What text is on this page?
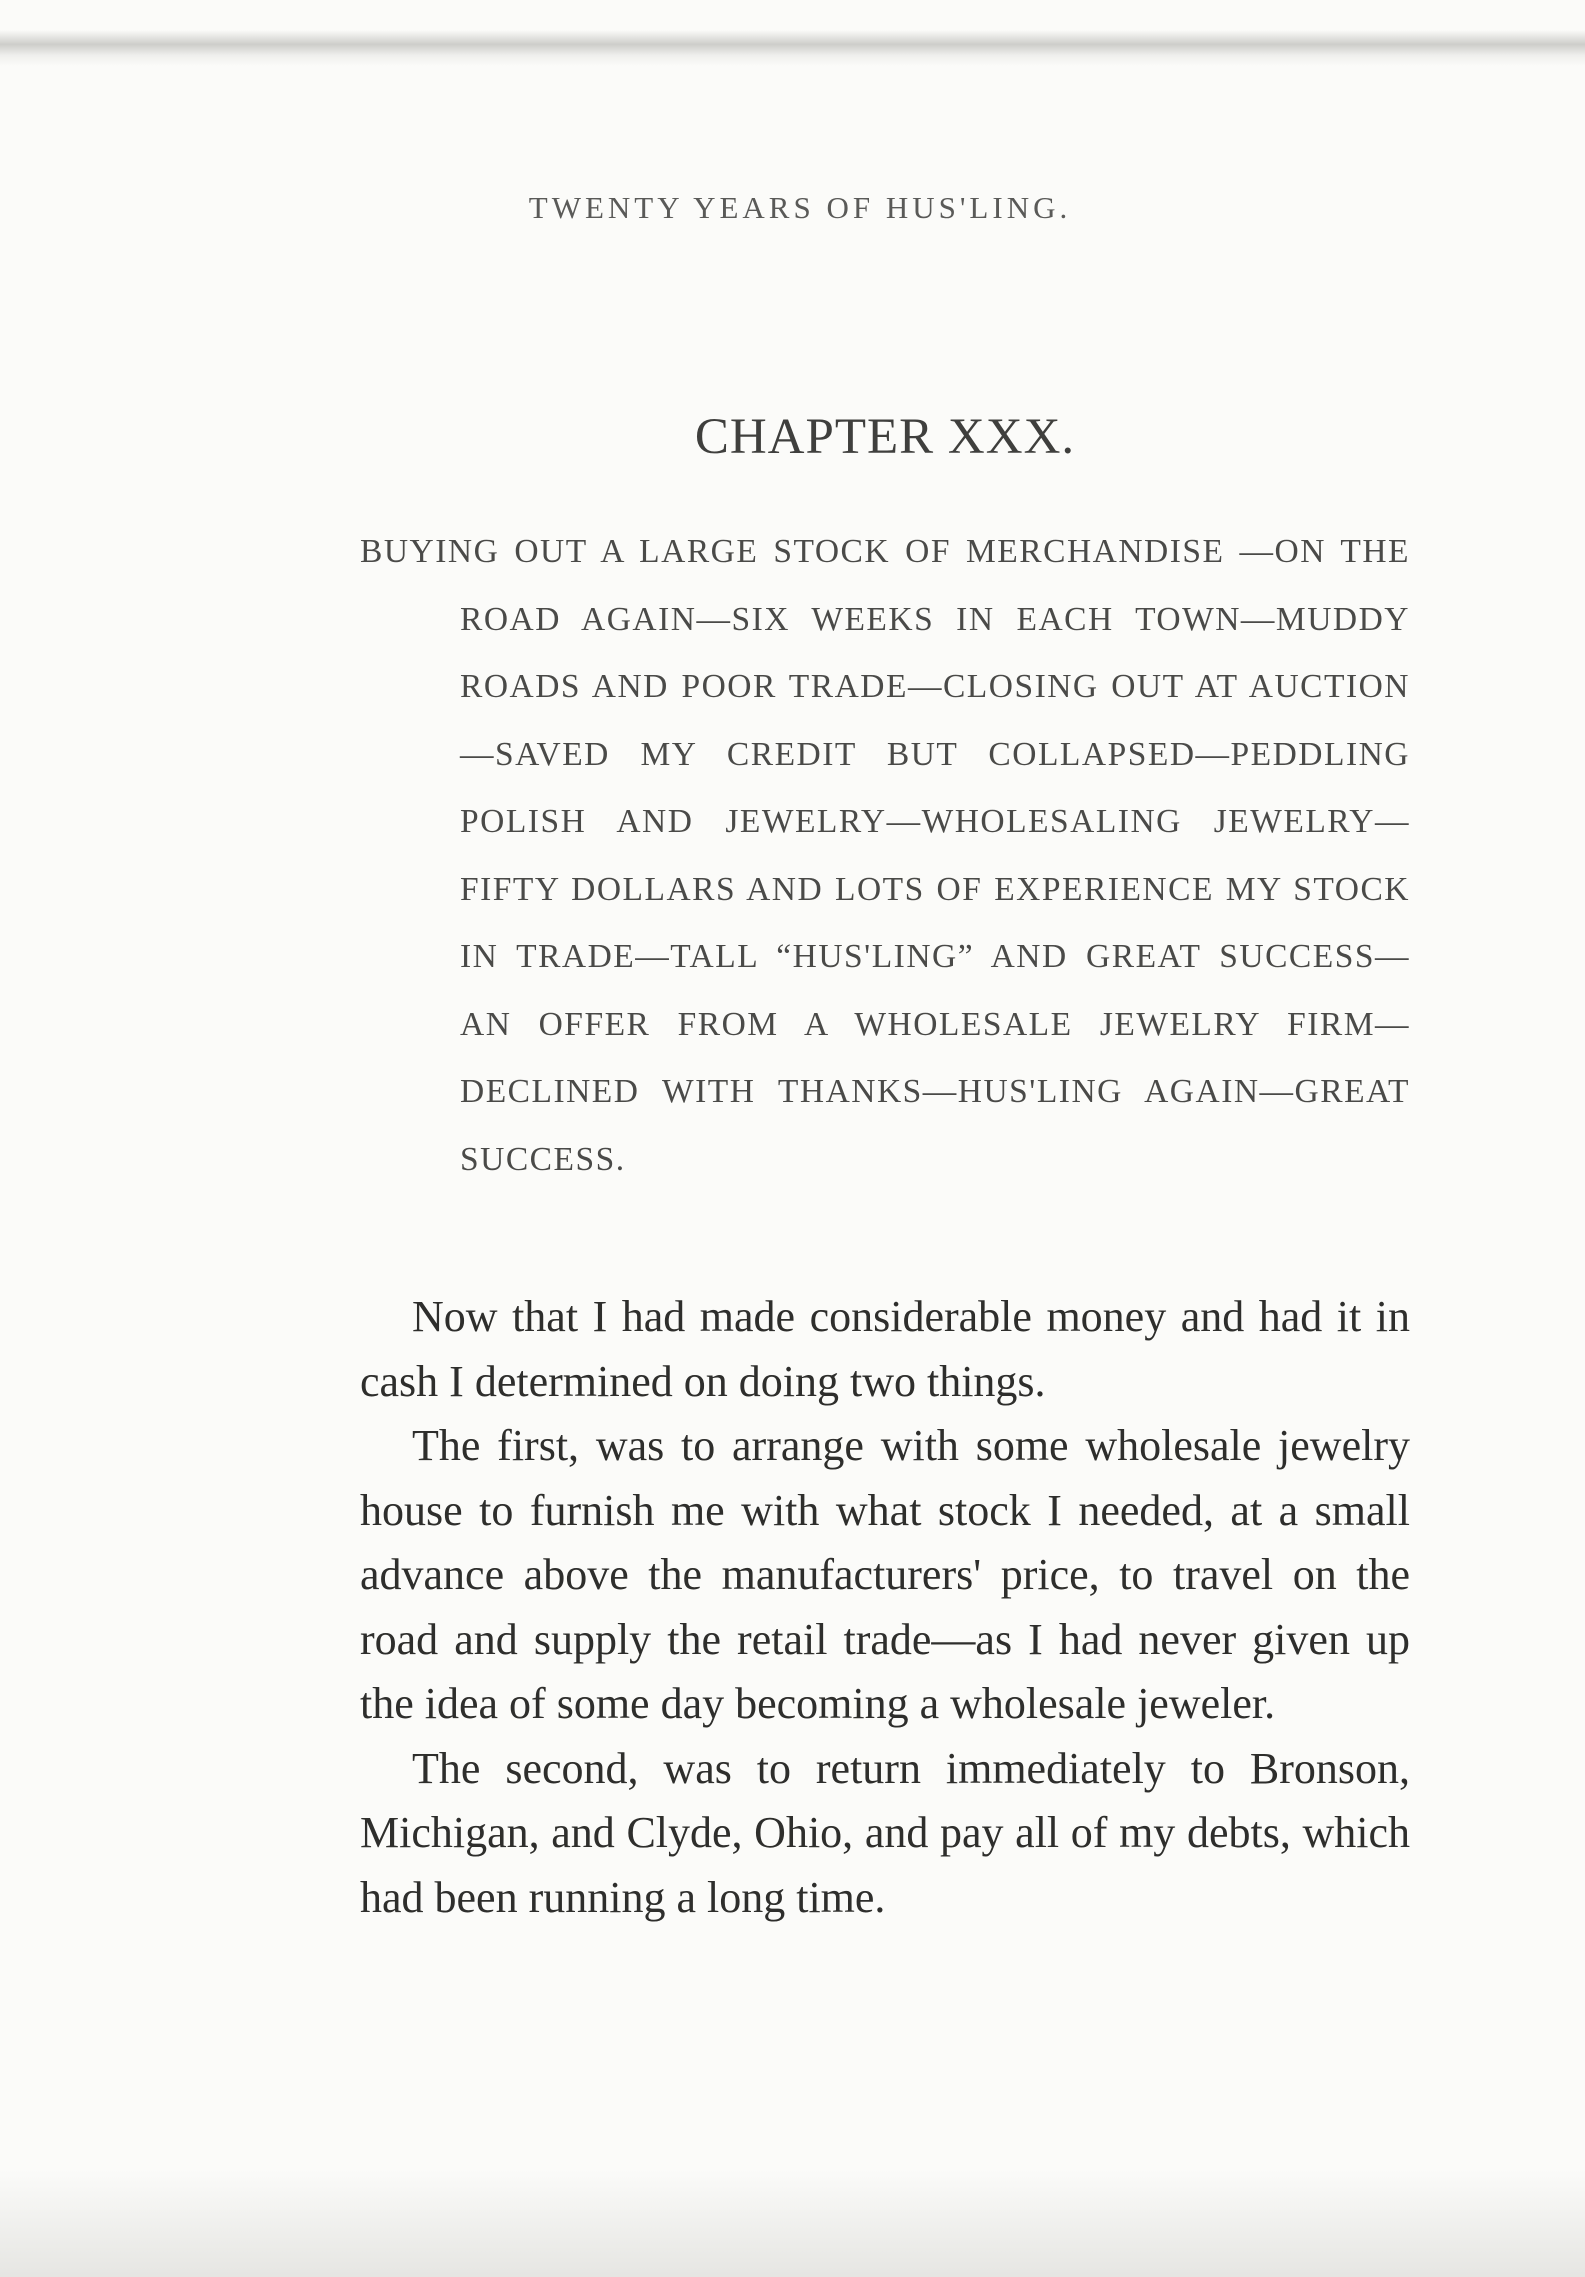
TWENTY YEARS OF HUS'LING.
CHAPTER XXX.

BUYING OUT A LARGE STOCK OF MERCHANDISE —ON THE ROAD AGAIN—SIX WEEKS IN EACH TOWN—MUDDY ROADS AND POOR TRADE—CLOSING OUT AT AUCTION—SAVED MY CREDIT BUT COLLAPSED—PEDDLING POLISH AND JEWELRY—WHOLESALING JEWELRY—FIFTY DOLLARS AND LOTS OF EXPERIENCE MY STOCK IN TRADE—TALL “HUS'LING” AND GREAT SUCCESS—AN OFFER FROM A WHOLESALE JEWELRY FIRM—DECLINED WITH THANKS—HUS'LING AGAIN—GREAT SUCCESS.

Now that I had made considerable money and had it in cash I determined on doing two things.

The first, was to arrange with some wholesale jewelry house to furnish me with what stock I needed, at a small advance above the manufacturers' price, to travel on the road and supply the retail trade—as I had never given up the idea of some day becoming a wholesale jeweler.

The second, was to return immediately to Bronson, Michigan, and Clyde, Ohio, and pay all of my debts, which had been running a long time.
